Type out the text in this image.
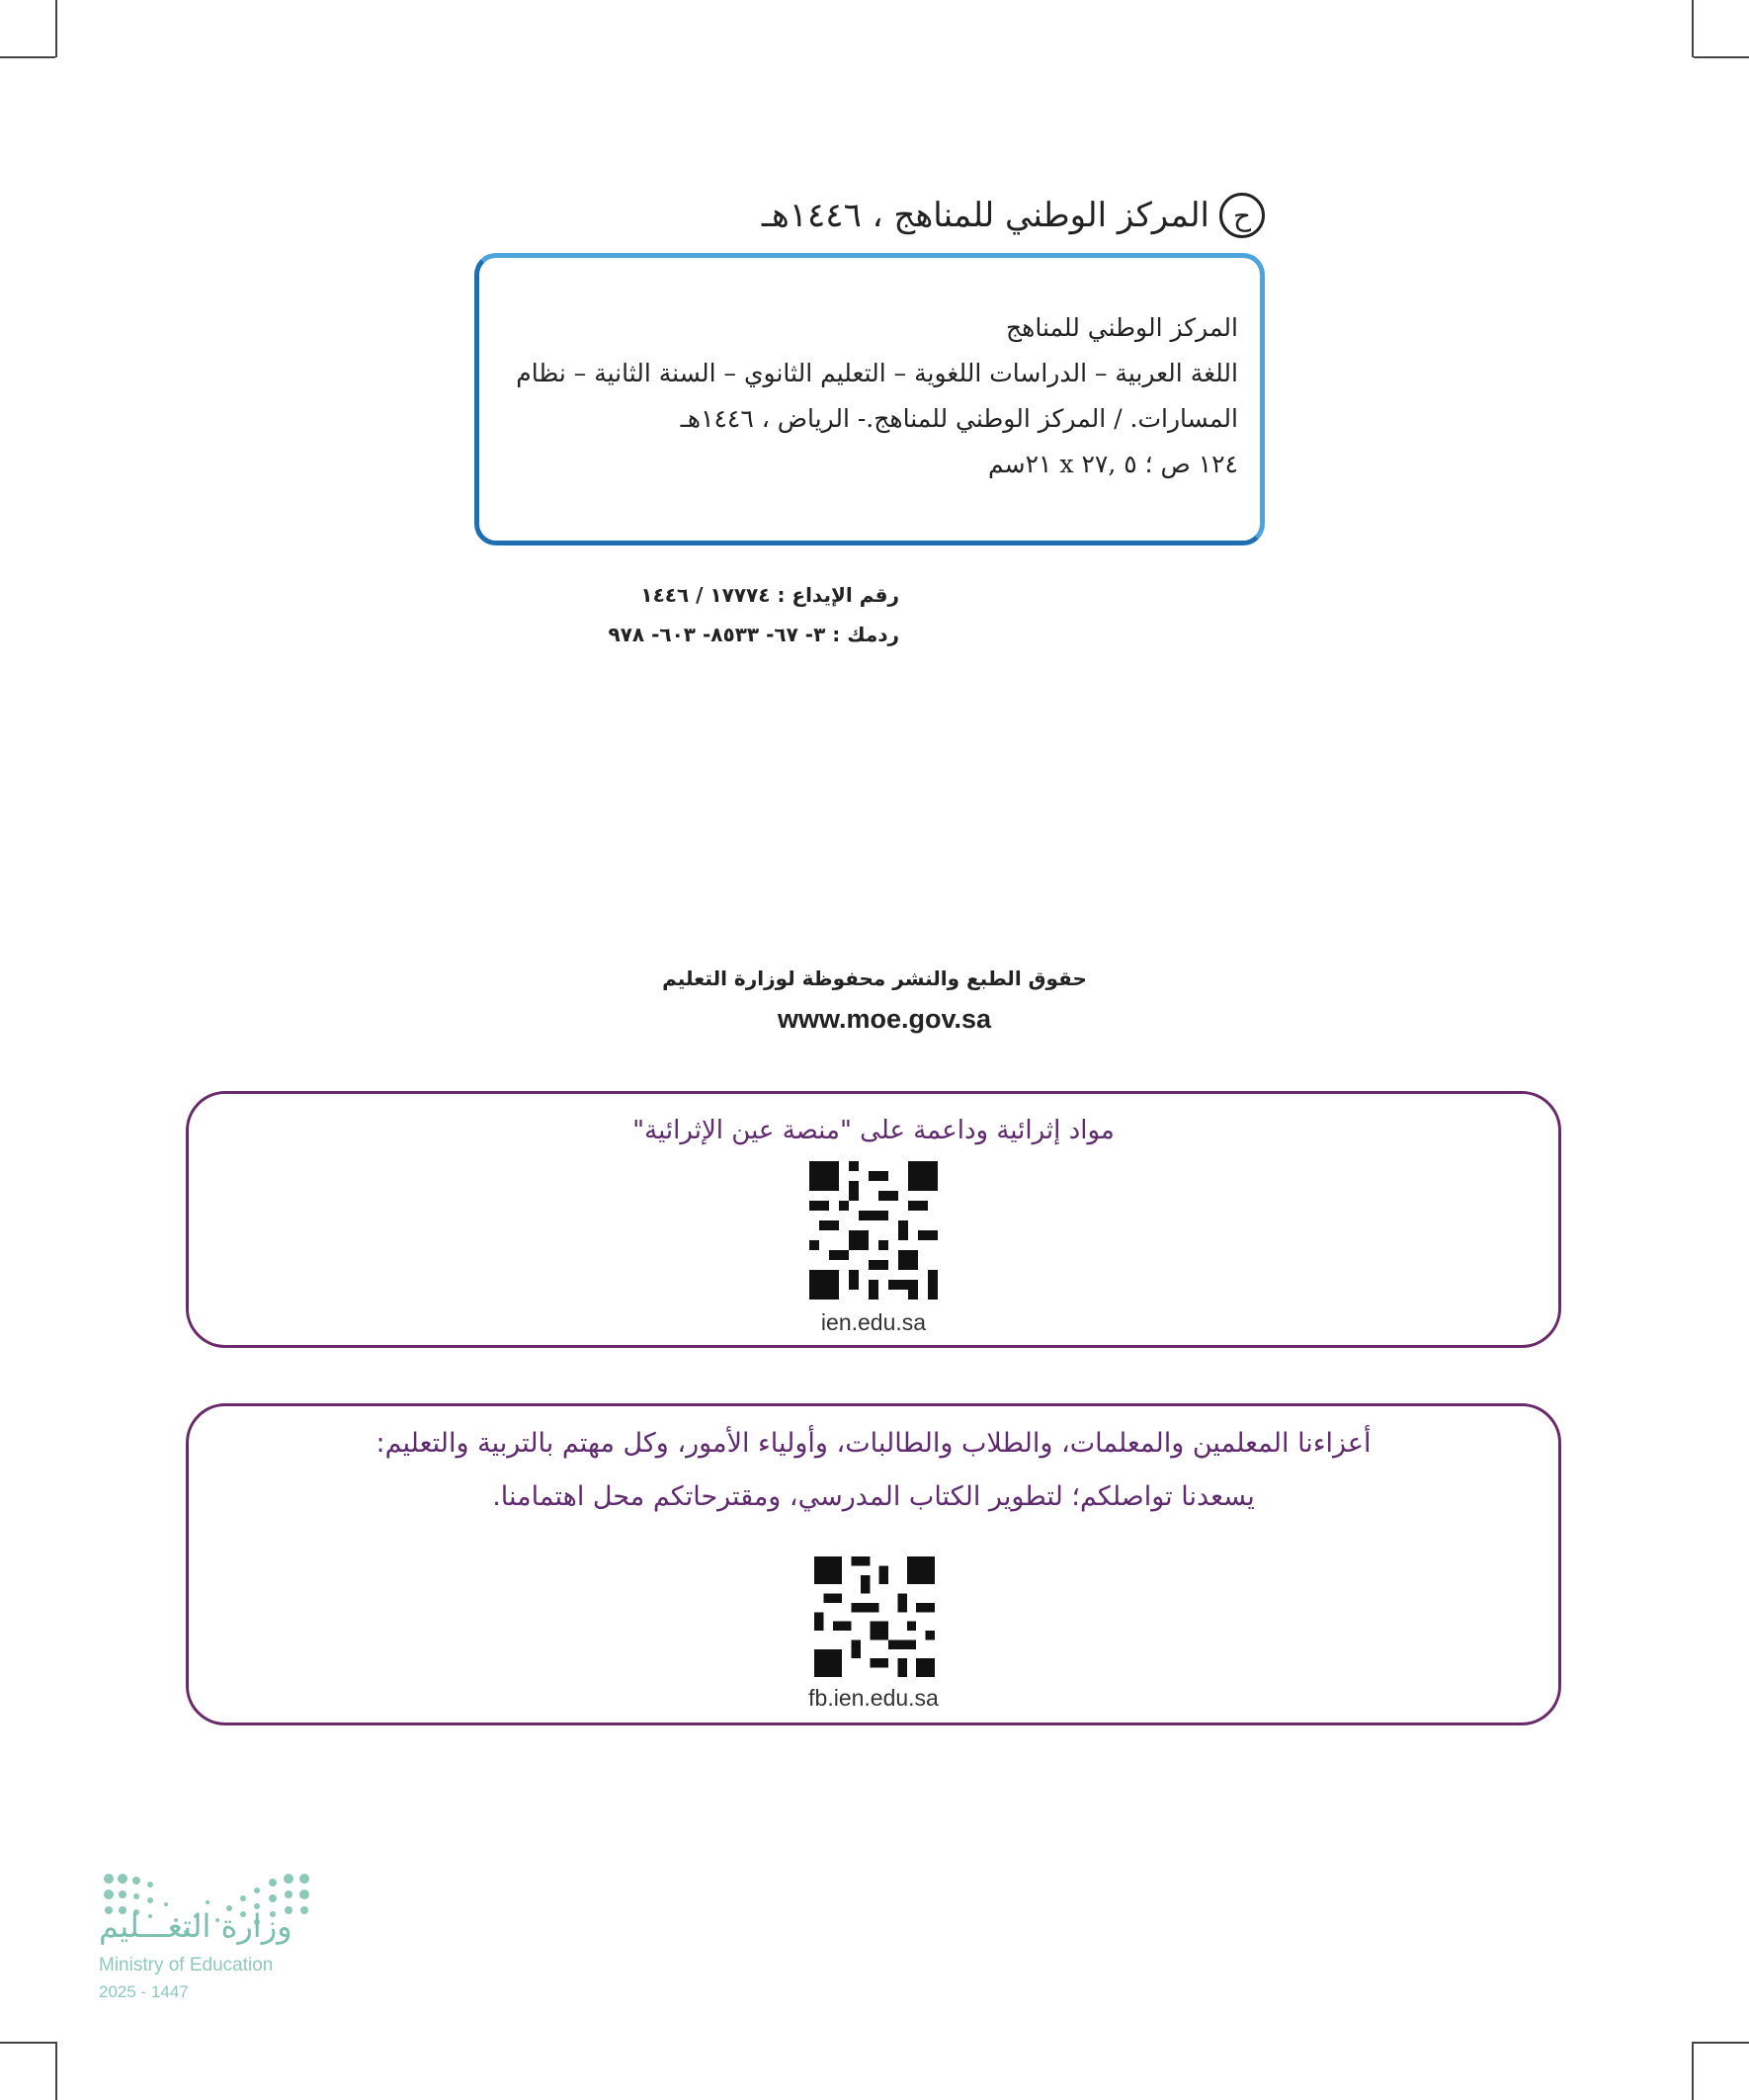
ح
المركز الوطني للمناهج ، ١٤٤٦هـ
المركز الوطني للمناهج
اللغة العربية – الدراسات اللغوية – التعليم الثانوي – السنة الثانية – نظام
المسارات. / المركز الوطني للمناهج.- الرياض ، ١٤٤٦هـ
١٢٤ ص ؛ ٥ ,٢٧ x ٢١سم
رقم الإيداع : ١٧٧٧٤ / ١٤٤٦
ردمك : ٣- ٦٧- ٨٥٣٣- ٦٠٣- ٩٧٨
حقوق الطبع والنشر محفوظة لوزارة التعليم
www.moe.gov.sa
مواد إثرائية وداعمة على "منصة عين الإثرائية"
ien.edu.sa
أعزاءنا المعلمين والمعلمات، والطلاب والطالبات، وأولياء الأمور، وكل مهتم بالتربية والتعليم:
يسعدنا تواصلكم؛ لتطوير الكتاب المدرسي، ومقترحاتكم محل اهتمامنا.
fb.ien.edu.sa
وزارة التعـــليم
Ministry of Education
2025 - 1447
